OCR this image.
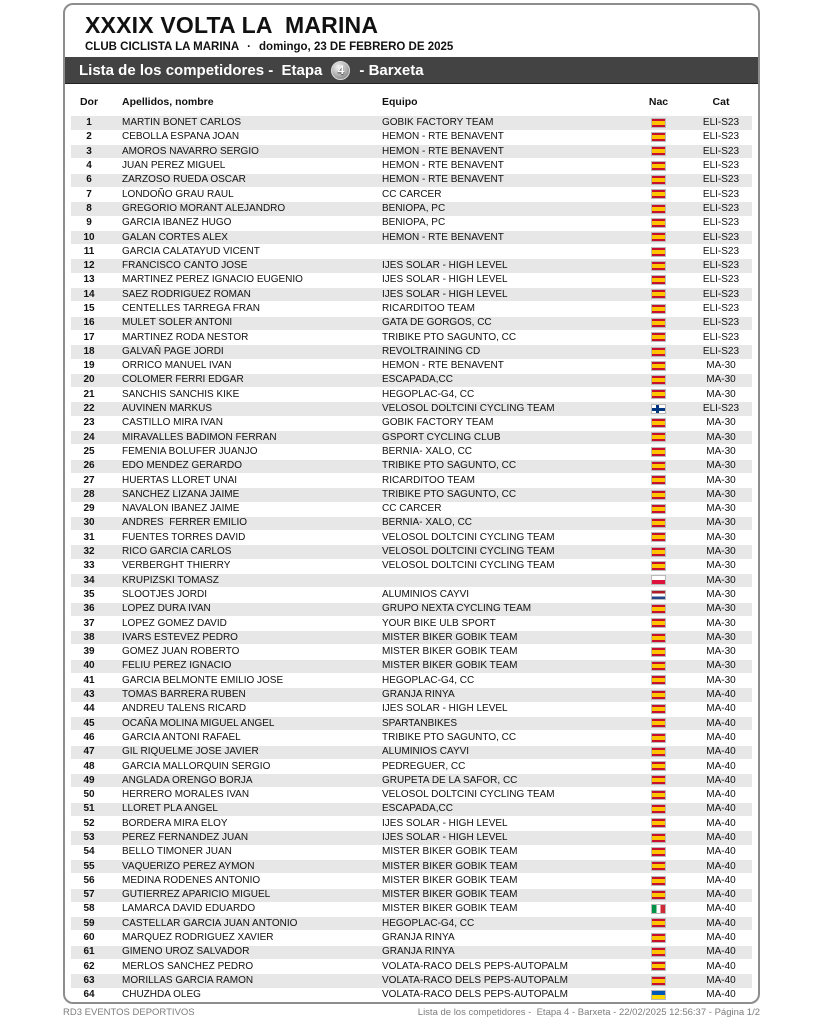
XXXIX VOLTA LA  MARINA
CLUB CICLISTA LA MARINA · domingo, 23 DE FEBRERO DE 2025
Lista de los competidores -  Etapa	4	- Barxeta
Dor	Apellidos, nombre	Equipo	Nac	Cat
1	MARTIN BONET CARLOS	GOBIK FACTORY TEAM		ELI-S23
2	CEBOLLA ESPAÑA JOAN	HEMON - RTE BENAVENT		ELI-S23
3	AMOROS NAVARRO SERGIO	HEMON - RTE BENAVENT		ELI-S23
4	JUAN PEREZ MIGUEL	HEMON - RTE BENAVENT		ELI-S23
6	ZARZOSO RUEDA OSCAR	HEMON - RTE BENAVENT		ELI-S23
7	LONDOÑO GRAU RAUL	CC CARCER		ELI-S23
8	GREGORIO MORANT ALEJANDRO	BENIOPA, PC		ELI-S23
9	GARCIA IBAÑEZ HUGO	BENIOPA, PC		ELI-S23
10	GALAN CORTES ALEX	HEMON - RTE BENAVENT		ELI-S23
11	GARCIA CALATAYUD VICENT			ELI-S23
12	FRANCISCO CANTO JOSE	IJES SOLAR - HIGH LEVEL		ELI-S23
13	MARTINEZ PEREZ IGNACIO EUGENIO	IJES SOLAR - HIGH LEVEL		ELI-S23
14	SAEZ RODRIGUEZ ROMAN	IJES SOLAR - HIGH LEVEL		ELI-S23
15	CENTELLES TARREGA FRAN	RICARDITOO TEAM		ELI-S23
16	MULET SOLER ANTONI	GATA DE GORGOS, CC		ELI-S23
17	MARTINEZ RODA NESTOR	TRIBIKE PTO SAGUNTO, CC		ELI-S23
18	GALVAÑ PAGE JORDI	REVOLTRAINING CD		ELI-S23
19	ORRICO MANUEL IVAN	HEMON - RTE BENAVENT		MA-30
20	COLOMER FERRI EDGAR	ESCAPADA,CC		MA-30
21	SANCHIS SANCHIS KIKE	HEGOPLAC-G4, CC		MA-30
22	AUVINEN MARKUS	VELOSOL DOLTCINI CYCLING TEAM		ELI-S23
23	CASTILLO MIRA IVAN	GOBIK FACTORY TEAM		MA-30
24	MIRAVALLES BADIMON FERRAN	GSPORT CYCLING CLUB		MA-30
25	FEMENIA BOLUFER JUANJO	BERNIA- XALO, CC		MA-30
26	EDO MENDEZ GERARDO	TRIBIKE PTO SAGUNTO, CC		MA-30
27	HUERTAS LLORET UNAI	RICARDITOO TEAM		MA-30
28	SANCHEZ LIZANA JAIME	TRIBIKE PTO SAGUNTO, CC		MA-30
29	NAVALON IBAÑEZ JAIME	CC CARCER		MA-30
30	ANDRES  FERRER EMILIO	BERNIA- XALO, CC		MA-30
31	FUENTES TORRES DAVID	VELOSOL DOLTCINI CYCLING TEAM		MA-30
32	RICO GARCIA CARLOS	VELOSOL DOLTCINI CYCLING TEAM		MA-30
33	VERBERGHT THIERRY	VELOSOL DOLTCINI CYCLING TEAM		MA-30
34	KRUPIZSKI TOMASZ			MA-30
35	SLOOTJES JORDI	ALUMINIOS CAYVI		MA-30
36	LOPEZ DURA IVAN	GRUPO NEXTA CYCLING TEAM		MA-30
37	LOPEZ GOMEZ DAVID	YOUR BIKE ULB SPORT		MA-30
38	IVARS ESTEVEZ PEDRO	MISTER BIKER GOBIK TEAM		MA-30
39	GOMEZ JUAN ROBERTO	MISTER BIKER GOBIK TEAM		MA-30
40	FELIU PEREZ IGNACIO	MISTER BIKER GOBIK TEAM		MA-30
41	GARCIA BELMONTE EMILIO JOSE	HEGOPLAC-G4, CC		MA-30
43	TOMAS BARRERA RUBEN	GRANJA RINYA		MA-40
44	ANDREU TALENS RICARD	IJES SOLAR - HIGH LEVEL		MA-40
45	OCAÑA MOLINA MIGUEL ANGEL	SPARTANBIKES		MA-40
46	GARCIA ANTONI RAFAEL	TRIBIKE PTO SAGUNTO, CC		MA-40
47	GIL RIQUELME JOSE JAVIER	ALUMINIOS CAYVI		MA-40
48	GARCIA MALLORQUIN SERGIO	PEDREGUER, CC		MA-40
49	ANGLADA ORENGO BORJA	GRUPETA DE LA SAFOR, CC		MA-40
50	HERRERO MORALES IVAN	VELOSOL DOLTCINI CYCLING TEAM		MA-40
51	LLORET PLA ANGEL	ESCAPADA,CC		MA-40
52	BORDERA MIRA ELOY	IJES SOLAR - HIGH LEVEL		MA-40
53	PEREZ FERNANDEZ JUAN	IJES SOLAR - HIGH LEVEL		MA-40
54	BELLO TIMONER JUAN	MISTER BIKER GOBIK TEAM		MA-40
55	VAQUERIZO PEREZ AYMON	MISTER BIKER GOBIK TEAM		MA-40
56	MEDINA RODENES ANTONIO	MISTER BIKER GOBIK TEAM		MA-40
57	GUTIERREZ APARICIO MIGUEL	MISTER BIKER GOBIK TEAM		MA-40
58	LAMARCA DAVID EDUARDO	MISTER BIKER GOBIK TEAM		MA-40
59	CASTELLAR GARCIA JUAN ANTONIO	HEGOPLAC-G4, CC		MA-40
60	MARQUEZ RODRIGUEZ XAVIER	GRANJA RINYA		MA-40
61	GIMENO UROZ SALVADOR	GRANJA RINYA		MA-40
62	MERLOS SANCHEZ PEDRO	VOLATA-RACO DELS PEPS-AUTOPALM		MA-40
63	MORILLAS GARCIA RAMON	VOLATA-RACO DELS PEPS-AUTOPALM		MA-40
64	CHUZHDA OLEG	VOLATA-RACO DELS PEPS-AUTOPALM		MA-40
RD3 EVENTOS DEPORTIVOS	Lista de los competidores -  Etapa 4 - Barxeta - 22/02/2025 12:56:37 - Página 1/2
